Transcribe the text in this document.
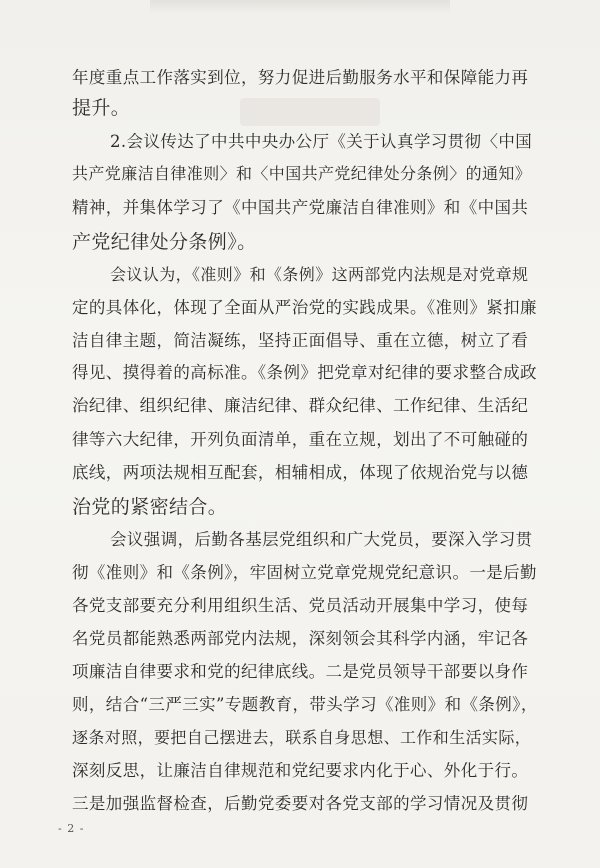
年度重点工作落实到位，努力促进后勤服务水平和保障能力再
提升。
2.会议传达了中共中央办公厅《关于认真学习贯彻〈中国
共产党廉洁自律准则〉和〈中国共产党纪律处分条例〉的通知》
精神，并集体学习了《中国共产党廉洁自律准则》和《中国共
产党纪律处分条例》。
会议认为，《准则》和《条例》这两部党内法规是对党章规
定的具体化，体现了全面从严治党的实践成果。《准则》紧扣廉
洁自律主题，简洁凝练，坚持正面倡导、重在立德，树立了看
得见、摸得着的高标准。《条例》把党章对纪律的要求整合成政
治纪律、组织纪律、廉洁纪律、群众纪律、工作纪律、生活纪
律等六大纪律，开列负面清单，重在立规，划出了不可触碰的
底线，两项法规相互配套，相辅相成，体现了依规治党与以德
治党的紧密结合。
会议强调，后勤各基层党组织和广大党员，要深入学习贯
彻《准则》和《条例》，牢固树立党章党规党纪意识。一是后勤
各党支部要充分利用组织生活、党员活动开展集中学习，使每
名党员都能熟悉两部党内法规，深刻领会其科学内涵，牢记各
项廉洁自律要求和党的纪律底线。二是党员领导干部要以身作
则，结合“三严三实”专题教育，带头学习《准则》和《条例》，
逐条对照，要把自己摆进去，联系自身思想、工作和生活实际，
深刻反思，让廉洁自律规范和党纪要求内化于心、外化于行。
三是加强监督检查，后勤党委要对各党支部的学习情况及贯彻
- 2 -
